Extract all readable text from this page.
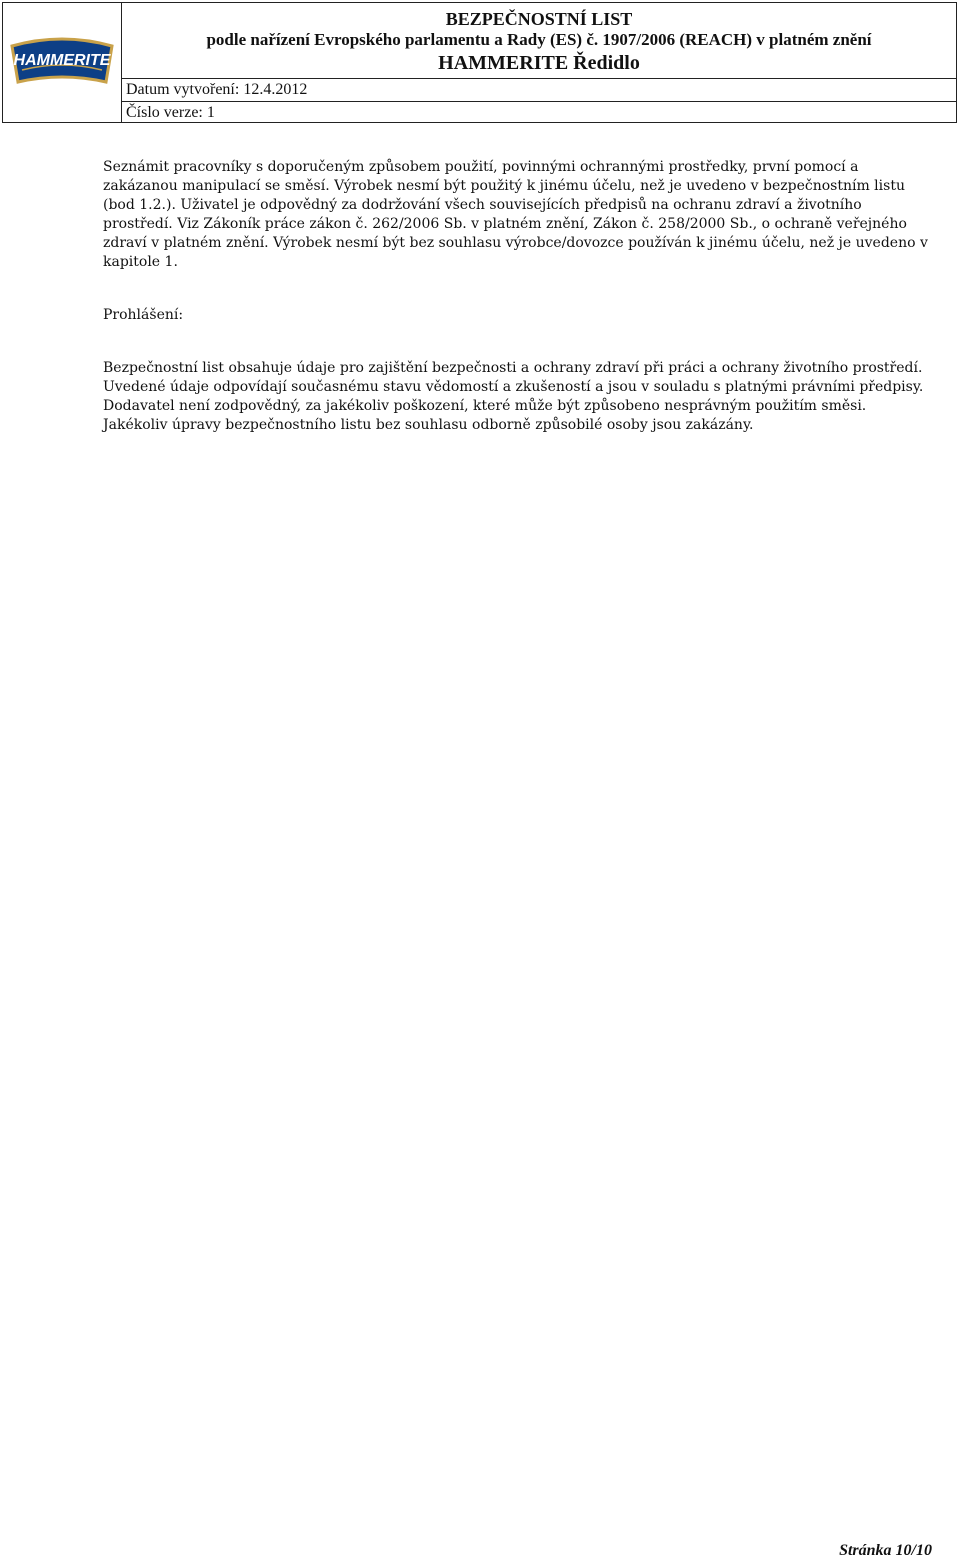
HAMMERITE
BEZPEČNOSTNÍ LIST
podle nařízení Evropského parlamentu a Rady (ES) č. 1907/2006 (REACH) v platném znění
HAMMERITE Ředidlo
Datum vytvoření: 12.4.2012
Číslo verze: 1

Seznámit pracovníky s doporučeným způsobem použití, povinnými ochrannými prostředky, první pomocí a zakázanou manipulací se směsí. Výrobek nesmí být použitý k jinému účelu, než je uvedeno v bezpečnostním listu (bod 1.2.). Uživatel je odpovědný za dodržování všech souvisejících předpisů na ochranu zdraví a životního prostředí. Viz Zákoník práce zákon č. 262/2006 Sb. v platném znění, Zákon č. 258/2000 Sb., o ochraně veřejného zdraví v platném znění. Výrobek nesmí být bez souhlasu výrobce/dovozce používán k jinému účelu, než je uvedeno v kapitole 1.

Prohlášení:

Bezpečnostní list obsahuje údaje pro zajištění bezpečnosti a ochrany zdraví při práci a ochrany životního prostředí. Uvedené údaje odpovídají současnému stavu vědomostí a zkušeností a jsou v souladu s platnými právními předpisy. Dodavatel není zodpovědný, za jakékoliv poškození, které může být způsobeno nesprávným použitím směsi. Jakékoliv úpravy bezpečnostního listu bez souhlasu odborně způsobilé osoby jsou zakázány.

Stránka 10/10
